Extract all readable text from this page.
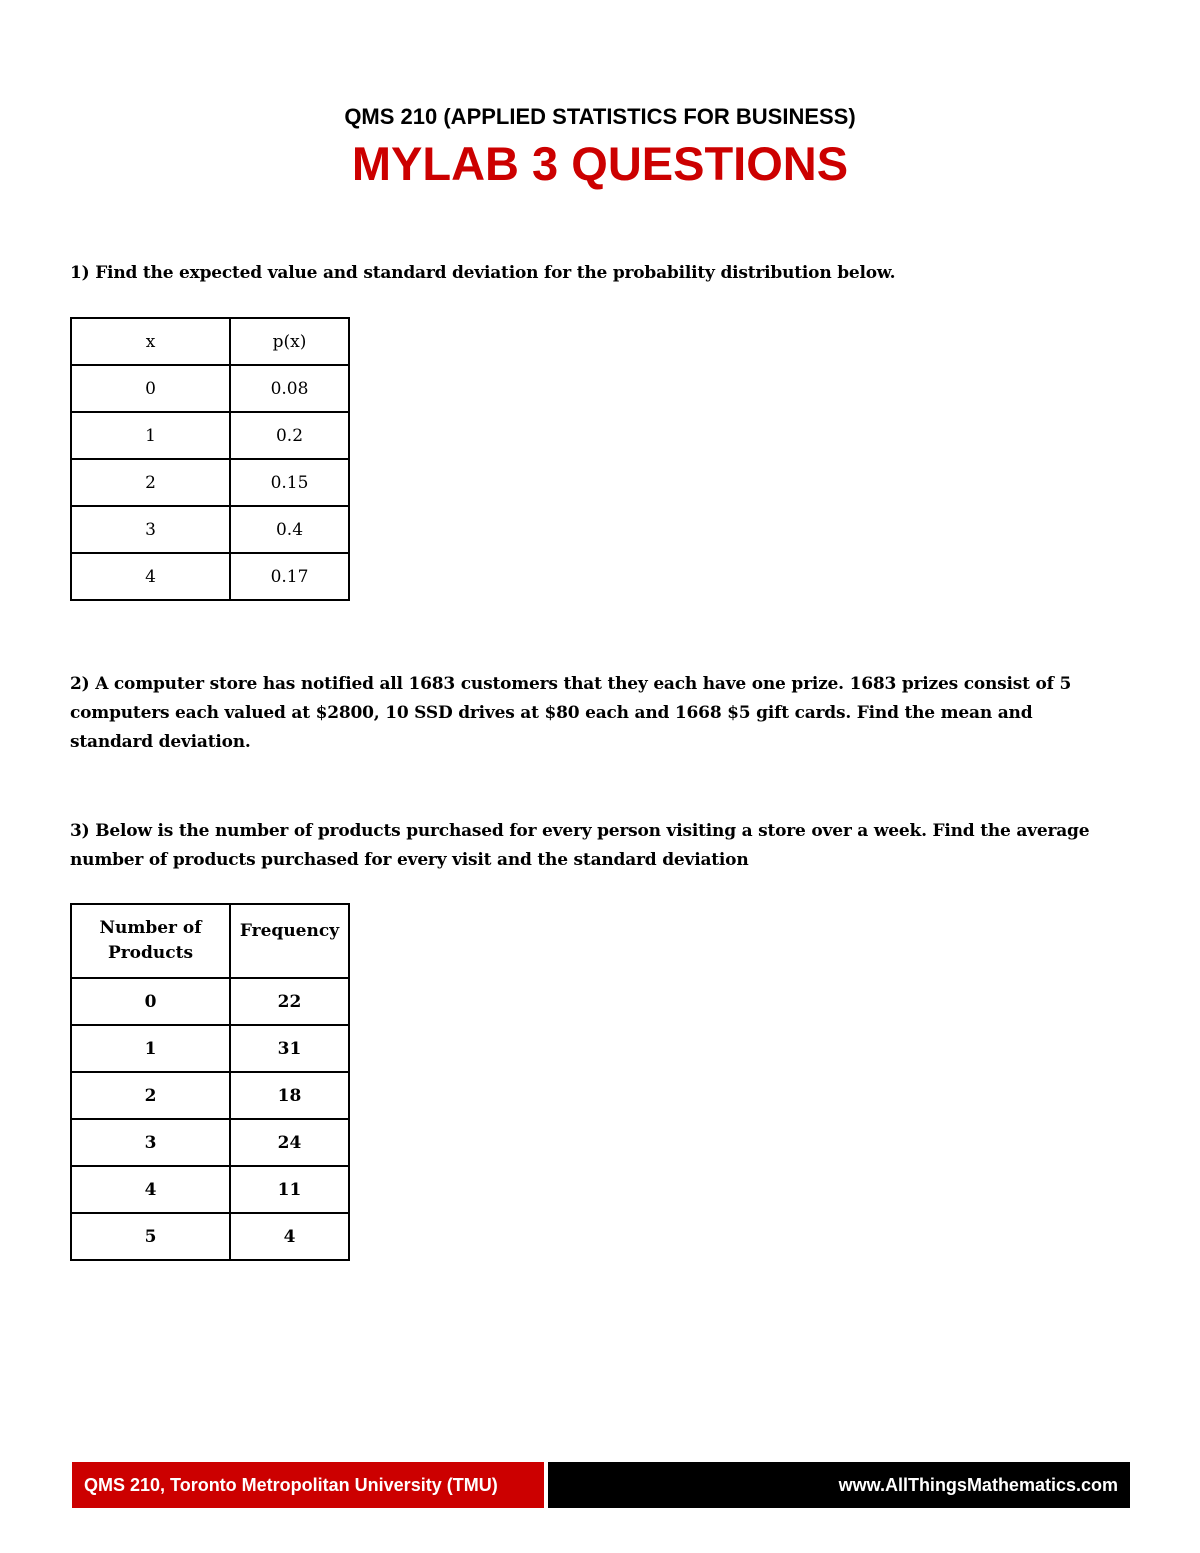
QMS 210 (APPLIED STATISTICS FOR BUSINESS)
MYLAB 3 QUESTIONS
1) Find the expected value and standard deviation for the probability distribution below.
x	p(x)
0	0.08
1	0.2
2	0.15
3	0.4
4	0.17
2) A computer store has notified all 1683 customers that they each have one prize. 1683 prizes consist of 5 computers each valued at $2800, 10 SSD drives at $80 each and 1668 $5 gift cards. Find the mean and standard deviation.
3) Below is the number of products purchased for every person visiting a store over a week. Find the average number of products purchased for every visit and the standard deviation
Number of Products	Frequency
0	22
1	31
2	18
3	24
4	11
5	4
QMS 210, Toronto Metropolitan University (TMU)	www.AllThingsMathematics.com
